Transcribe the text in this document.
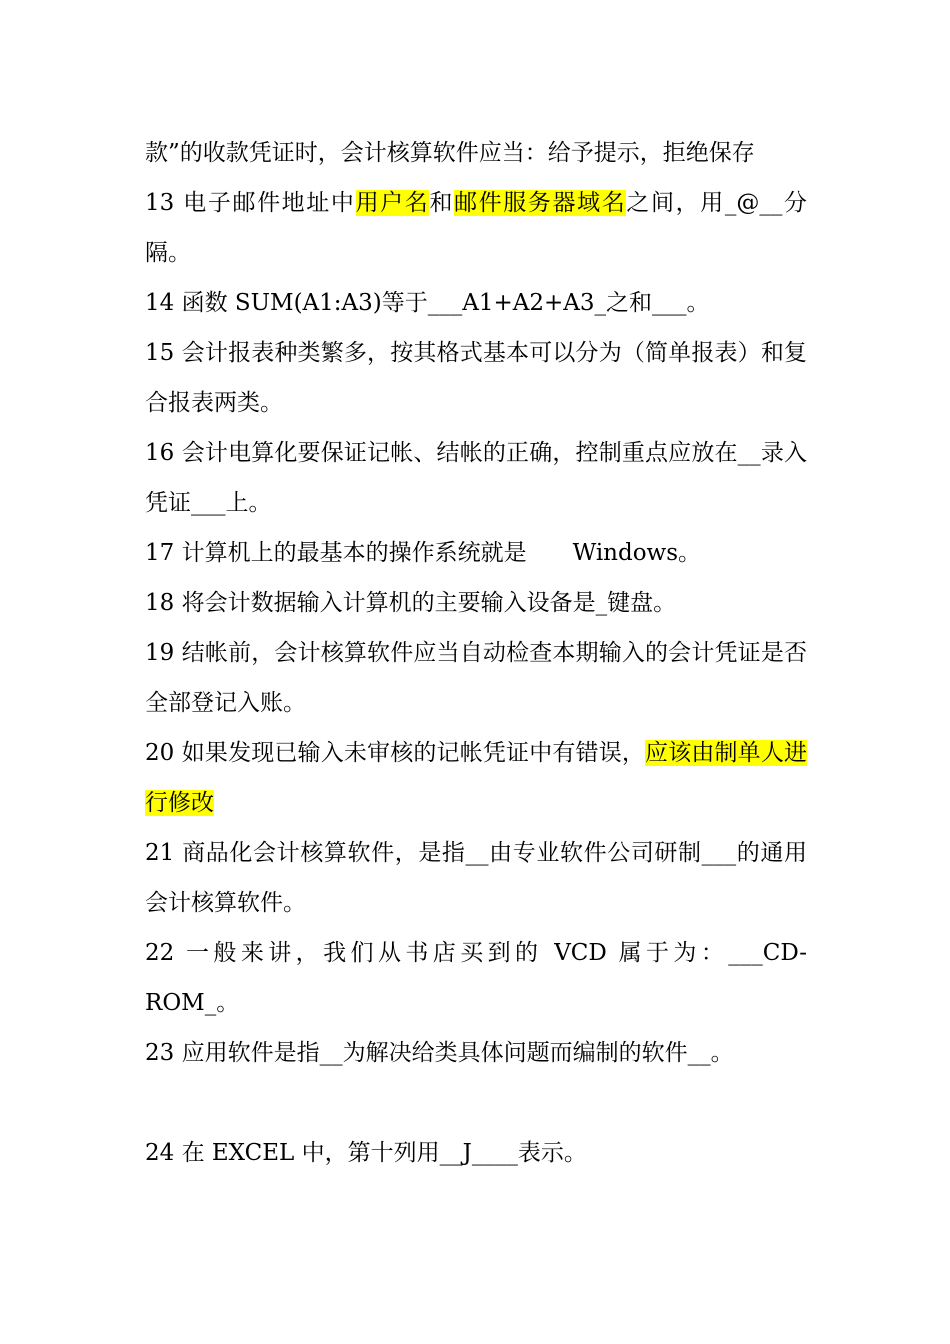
款”的收款凭证时，会计核算软件应当：给予提示，拒绝保存

13 电子邮件地址中用户名和邮件服务器域名之间，用_@__分隔。

14 函数 SUM(A1:A3)等于___A1+A2+A3_之和___。

15 会计报表种类繁多，按其格式基本可以分为（简单报表）和复合报表两类。

16 会计电算化要保证记帐、结帐的正确，控制重点应放在__录入凭证___上。

17 计算机上的最基本的操作系统就是　　Windows。

18 将会计数据输入计算机的主要输入设备是_键盘。

19 结帐前，会计核算软件应当自动检查本期输入的会计凭证是否全部登记入账。

20 如果发现已输入未审核的记帐凭证中有错误，应该由制单人进行修改

21 商品化会计核算软件，是指__由专业软件公司研制___的通用会计核算软件。

22 一般来讲，我们从书店买到的 VCD 属于为：___CD-ROM_。

23 应用软件是指__为解决给类具体问题而编制的软件__。

24 在 EXCEL 中，第十列用__J____表示。
